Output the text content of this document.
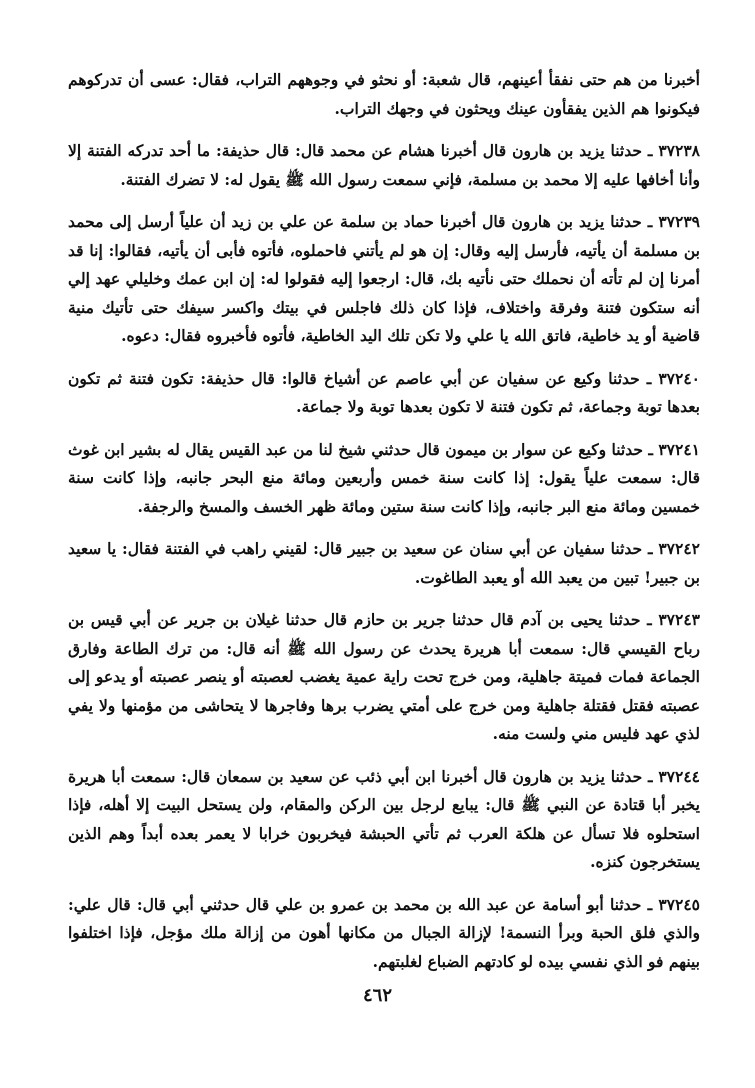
أخبرنا من هم حتى نفقأ أعينهم، قال شعبة: أو نحثو في وجوههم التراب، فقال: عسى أن تدركوهم فيكونوا هم الذين يفقأون عينك ويحثون في وجهك التراب.

٣٧٢٣٨ ـ حدثنا يزيد بن هارون قال أخبرنا هشام عن محمد قال: قال حذيفة: ما أحد تدركه الفتنة إلا وأنا أخافها عليه إلا محمد بن مسلمة، فإني سمعت رسول الله ﷺ يقول له: لا تضرك الفتنة.

٣٧٢٣٩ ـ حدثنا يزيد بن هارون قال أخبرنا حماد بن سلمة عن علي بن زيد أن علياً أرسل إلى محمد بن مسلمة أن يأتيه، فأرسل إليه وقال: إن هو لم يأتني فاحملوه، فأتوه فأبى أن يأتيه، فقالوا: إنا قد أمرنا إن لم تأته أن نحملك حتى نأتيه بك، قال: ارجعوا إليه فقولوا له: إن ابن عمك وخليلي عهد إلي أنه ستكون فتنة وفرقة واختلاف، فإذا كان ذلك فاجلس في بيتك واكسر سيفك حتى تأتيك منية قاضية أو يد خاطية، فاتق الله يا علي ولا تكن تلك اليد الخاطية، فأتوه فأخبروه فقال: دعوه.

٣٧٢٤٠ ـ حدثنا وكيع عن سفيان عن أبي عاصم عن أشياخ قالوا: قال حذيفة: تكون فتنة ثم تكون بعدها توبة وجماعة، ثم تكون فتنة لا تكون بعدها توبة ولا جماعة.

٣٧٢٤١ ـ حدثنا وكيع عن سوار بن ميمون قال حدثني شيخ لنا من عبد القيس يقال له بشير ابن غوث قال: سمعت علياً يقول: إذا كانت سنة خمس وأربعين ومائة منع البحر جانبه، وإذا كانت سنة خمسين ومائة منع البر جانبه، وإذا كانت سنة ستين ومائة ظهر الخسف والمسخ والرجفة.

٣٧٢٤٢ ـ حدثنا سفيان عن أبي سنان عن سعيد بن جبير قال: لقيني راهب في الفتنة فقال: يا سعيد بن جبير! تبين من يعبد الله أو يعبد الطاغوت.

٣٧٢٤٣ ـ حدثنا يحيى بن آدم قال حدثنا جرير بن حازم قال حدثنا غيلان بن جرير عن أبي قيس بن رباح القيسي قال: سمعت أبا هريرة يحدث عن رسول الله ﷺ أنه قال: من ترك الطاعة وفارق الجماعة فمات فميتة جاهلية، ومن خرج تحت راية عمية يغضب لعصبته أو ينصر عصبته أو يدعو إلى عصبته فقتل فقتلة جاهلية ومن خرج على أمتي يضرب برها وفاجرها لا يتحاشى من مؤمنها ولا يفي لذي عهد فليس مني ولست منه.

٣٧٢٤٤ ـ حدثنا يزيد بن هارون قال أخبرنا ابن أبي ذئب عن سعيد بن سمعان قال: سمعت أبا هريرة يخبر أبا قتادة عن النبي ﷺ قال: يبايع لرجل بين الركن والمقام، ولن يستحل البيت إلا أهله، فإذا استحلوه فلا تسأل عن هلكة العرب ثم تأتي الحبشة فيخربون خرابا لا يعمر بعده أبداً وهم الذين يستخرجون كنزه.

٣٧٢٤٥ ـ حدثنا أبو أسامة عن عبد الله بن محمد بن عمرو بن علي قال حدثني أبي قال: قال علي: والذي فلق الحبة وبرأ النسمة! لإزالة الجبال من مكانها أهون من إزالة ملك مؤجل، فإذا اختلفوا بينهم فو الذي نفسي بيده لو كادتهم الضباع لغلبتهم.

٤٦٢
